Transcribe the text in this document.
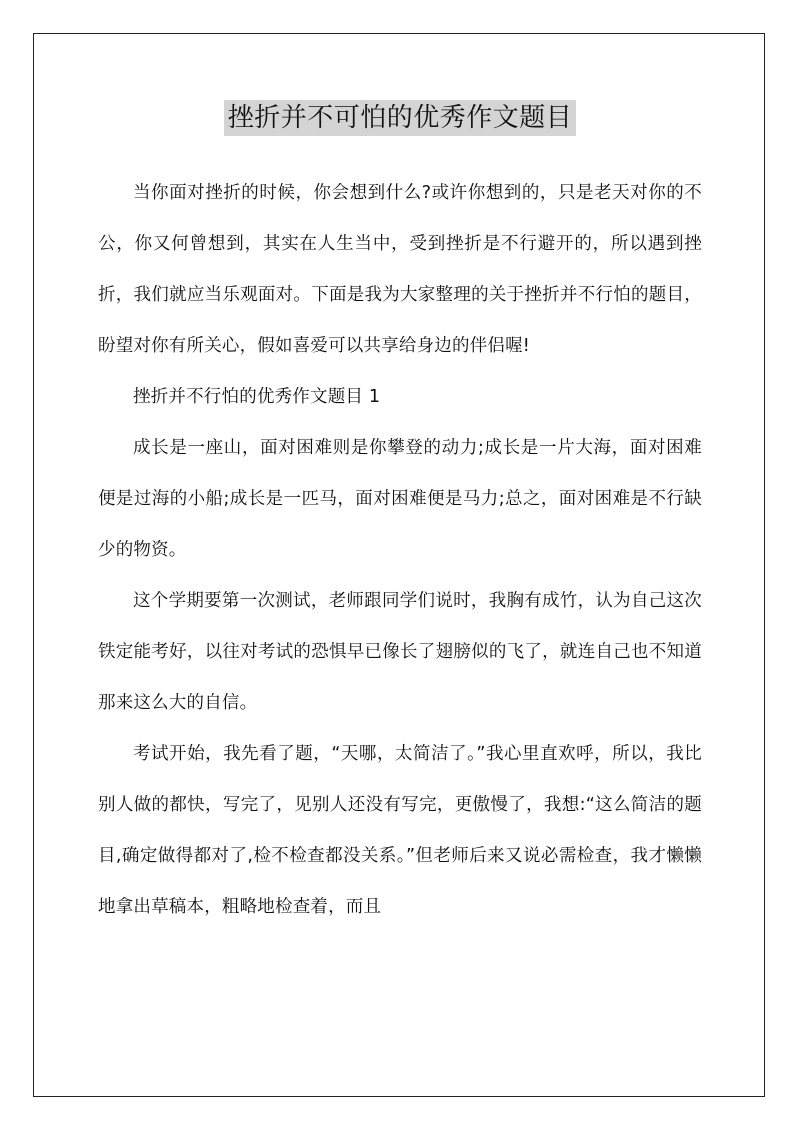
挫折并不可怕的优秀作文题目

当你面对挫折的时候，你会想到什么?或许你想到的，只是老天对你的不公，你又何曾想到，其实在人生当中，受到挫折是不行避开的，所以遇到挫折，我们就应当乐观面对。下面是我为大家整理的关于挫折并不行怕的题目，盼望对你有所关心，假如喜爱可以共享给身边的伴侣喔!

挫折并不行怕的优秀作文题目 1

成长是一座山，面对困难则是你攀登的动力;成长是一片大海，面对困难便是过海的小船;成长是一匹马，面对困难便是马力;总之，面对困难是不行缺少的物资。

这个学期要第一次测试，老师跟同学们说时，我胸有成竹，认为自己这次铁定能考好，以往对考试的恐惧早已像长了翅膀似的飞了，就连自己也不知道那来这么大的自信。

考试开始，我先看了题，“天哪，太简洁了。”我心里直欢呼，所以，我比别人做的都快，写完了，见别人还没有写完，更傲慢了，我想:“这么简洁的题目,确定做得都对了,检不检查都没关系。”但老师后来又说必需检查，我才懒懒地拿出草稿本，粗略地检查着，而且
